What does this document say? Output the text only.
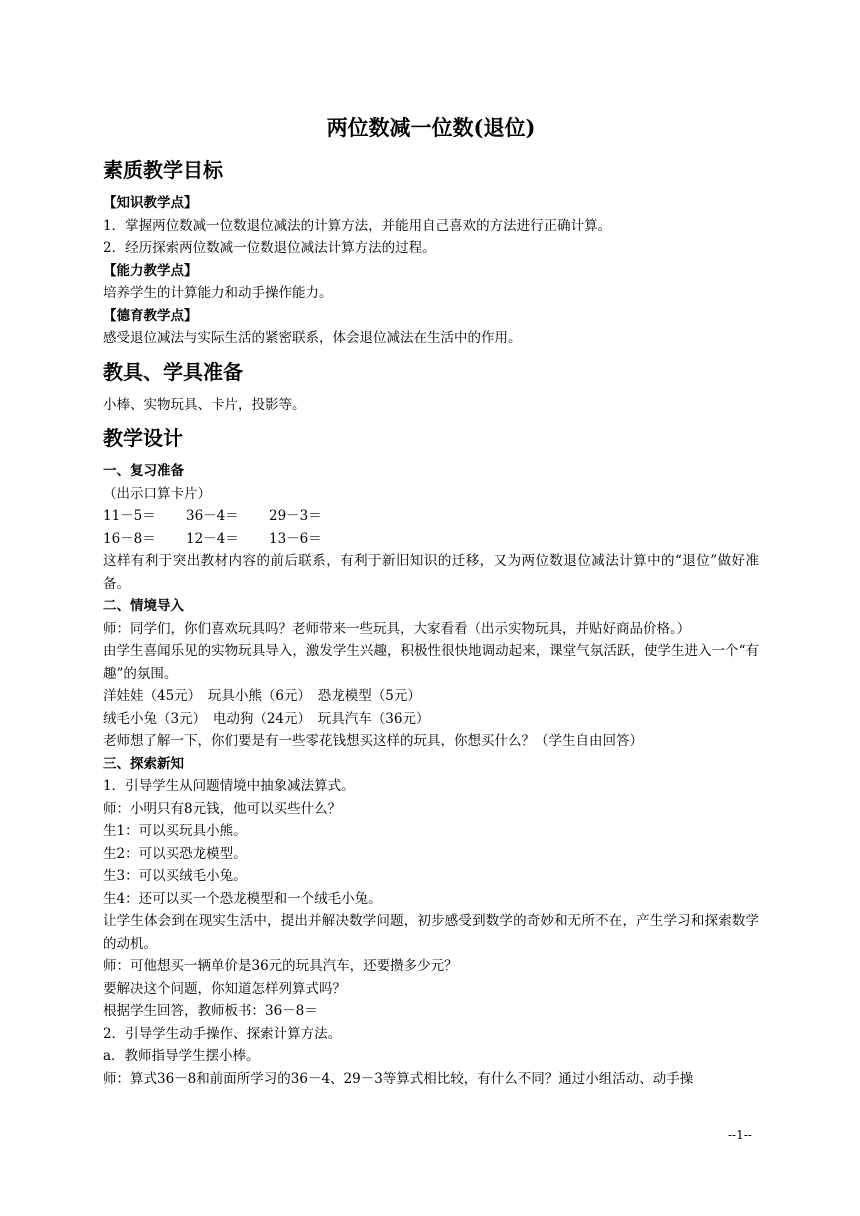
两位数减一位数(退位)
素质教学目标
【知识教学点】
1．掌握两位数减一位数退位减法的计算方法，并能用自己喜欢的方法进行正确计算。
2．经历探索两位数减一位数退位减法计算方法的过程。
【能力教学点】
培养学生的计算能力和动手操作能力。
【德育教学点】
感受退位减法与实际生活的紧密联系，体会退位减法在生活中的作用。
教具、学具准备
小棒、实物玩具、卡片，投影等。
教学设计
一、复习准备
（出示口算卡片）
11－5＝ 36－4＝ 29－3＝
16－8＝ 12－4＝ 13－6＝
这样有利于突出教材内容的前后联系，有利于新旧知识的迁移，又为两位数退位减法计算中的“退位”做好准备。
二、情境导入
师：同学们，你们喜欢玩具吗？老师带来一些玩具，大家看看（出示实物玩具，并贴好商品价格。）
由学生喜闻乐见的实物玩具导入，激发学生兴趣，积极性很快地调动起来，课堂气氛活跃，使学生进入一个“有趣”的氛围。
洋娃娃（45元）　玩具小熊（6元）　恐龙模型（5元）
绒毛小兔（3元）　电动狗（24元）　玩具汽车（36元）
老师想了解一下，你们要是有一些零花钱想买这样的玩具，你想买什么？（学生自由回答）
三、探索新知
1．引导学生从问题情境中抽象减法算式。
师：小明只有8元钱，他可以买些什么？
生1：可以买玩具小熊。
生2：可以买恐龙模型。
生3：可以买绒毛小兔。
生4：还可以买一个恐龙模型和一个绒毛小兔。
让学生体会到在现实生活中，提出并解决数学问题，初步感受到数学的奇妙和无所不在，产生学习和探索数学的动机。
师：可他想买一辆单价是36元的玩具汽车，还要攒多少元？
要解决这个问题，你知道怎样列算式吗？
根据学生回答，教师板书：36－8＝
2．引导学生动手操作、探索计算方法。
a．教师指导学生摆小棒。
师：算式36－8和前面所学习的36－4、29－3等算式相比较，有什么不同？通过小组活动、动手操
--1--
